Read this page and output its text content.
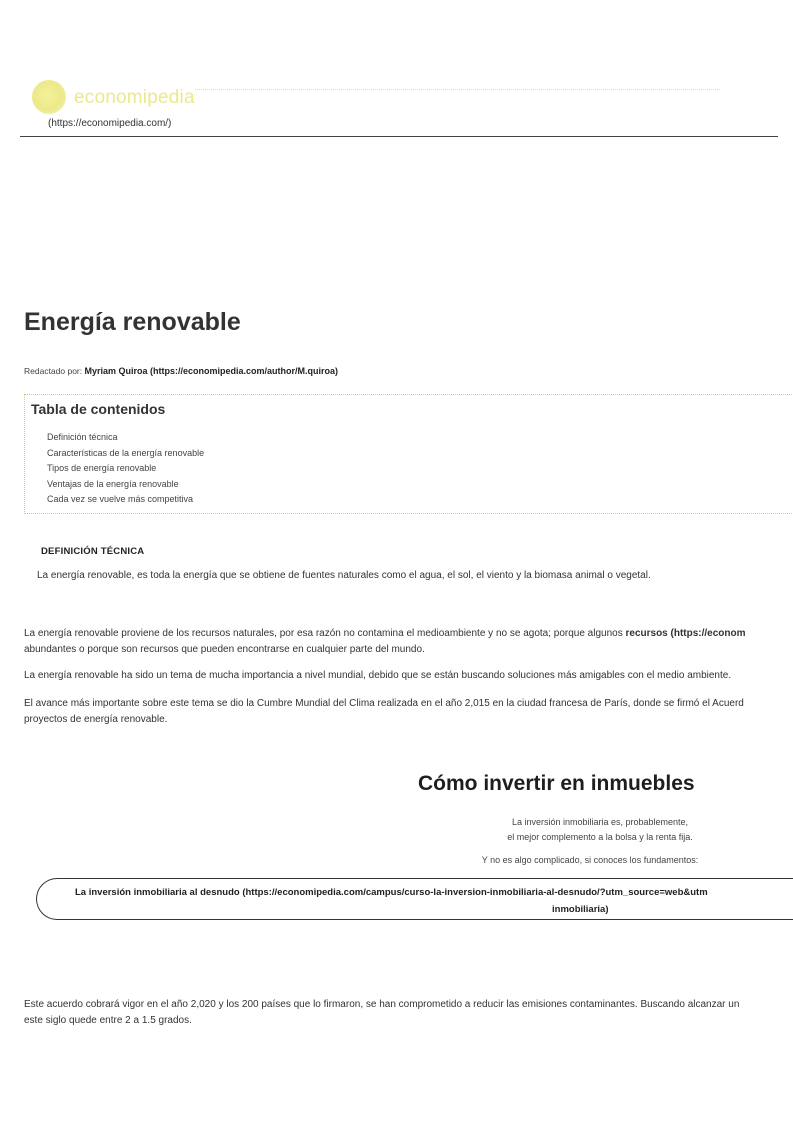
economipedia
(https://economipedia.com/)
Energía renovable
Redactado por: Myriam Quiroa (https://economipedia.com/author/M.quiroa)
Tabla de contenidos
Definición técnica
Características de la energía renovable
Tipos de energía renovable
Ventajas de la energía renovable
Cada vez se vuelve más competitiva
DEFINICIÓN TÉCNICA
La energía renovable, es toda la energía que se obtiene de fuentes naturales como el agua, el sol, el viento y la biomasa animal o vegetal.
La energía renovable proviene de los recursos naturales, por esa razón no contamina el medioambiente y no se agota; porque algunos recursos (https://econom
abundantes o porque son recursos que pueden encontrarse en cualquier parte del mundo.
La energía renovable ha sido un tema de mucha importancia a nivel mundial, debido que se están buscando soluciones más amigables con el medio ambiente.
El avance más importante sobre este tema se dio la Cumbre Mundial del Clima realizada en el año 2,015 en la ciudad francesa de París, donde se firmó el Acuerd
proyectos de energía renovable.
Cómo invertir en inmuebles
La inversión inmobiliaria es, probablemente,
el mejor complemento a la bolsa y la renta fija.
Y no es algo complicado, si conoces los fundamentos:
La inversión inmobiliaria al desnudo (https://economipedia.com/campus/curso-la-inversion-inmobiliaria-al-desnudo/?utm_source=web&utm
inmobiliaria)
Este acuerdo cobrará vigor en el año 2,020 y los 200 países que lo firmaron, se han comprometido a reducir las emisiones contaminantes. Buscando alcanzar un
este siglo quede entre 2 a 1.5 grados.
